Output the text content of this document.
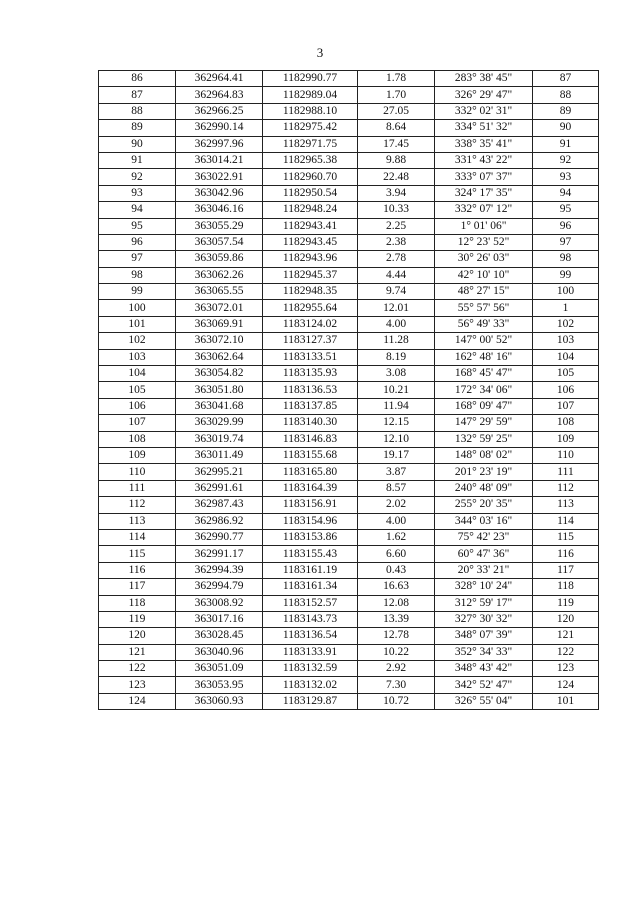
3
86	362964.41	1182990.77	1.78	283° 38' 45"	87
87	362964.83	1182989.04	1.70	326° 29' 47"	88
88	362966.25	1182988.10	27.05	332° 02' 31"	89
89	362990.14	1182975.42	8.64	334° 51' 32"	90
90	362997.96	1182971.75	17.45	338° 35' 41"	91
91	363014.21	1182965.38	9.88	331° 43' 22"	92
92	363022.91	1182960.70	22.48	333° 07' 37"	93
93	363042.96	1182950.54	3.94	324° 17' 35"	94
94	363046.16	1182948.24	10.33	332° 07' 12"	95
95	363055.29	1182943.41	2.25	1° 01' 06"	96
96	363057.54	1182943.45	2.38	12° 23' 52"	97
97	363059.86	1182943.96	2.78	30° 26' 03"	98
98	363062.26	1182945.37	4.44	42° 10' 10"	99
99	363065.55	1182948.35	9.74	48° 27' 15"	100
100	363072.01	1182955.64	12.01	55° 57' 56"	1
101	363069.91	1183124.02	4.00	56° 49' 33"	102
102	363072.10	1183127.37	11.28	147° 00' 52"	103
103	363062.64	1183133.51	8.19	162° 48' 16"	104
104	363054.82	1183135.93	3.08	168° 45' 47"	105
105	363051.80	1183136.53	10.21	172° 34' 06"	106
106	363041.68	1183137.85	11.94	168° 09' 47"	107
107	363029.99	1183140.30	12.15	147° 29' 59"	108
108	363019.74	1183146.83	12.10	132° 59' 25"	109
109	363011.49	1183155.68	19.17	148° 08' 02"	110
110	362995.21	1183165.80	3.87	201° 23' 19"	111
111	362991.61	1183164.39	8.57	240° 48' 09"	112
112	362987.43	1183156.91	2.02	255° 20' 35"	113
113	362986.92	1183154.96	4.00	344° 03' 16"	114
114	362990.77	1183153.86	1.62	75° 42' 23"	115
115	362991.17	1183155.43	6.60	60° 47' 36"	116
116	362994.39	1183161.19	0.43	20° 33' 21"	117
117	362994.79	1183161.34	16.63	328° 10' 24"	118
118	363008.92	1183152.57	12.08	312° 59' 17"	119
119	363017.16	1183143.73	13.39	327° 30' 32"	120
120	363028.45	1183136.54	12.78	348° 07' 39"	121
121	363040.96	1183133.91	10.22	352° 34' 33"	122
122	363051.09	1183132.59	2.92	348° 43' 42"	123
123	363053.95	1183132.02	7.30	342° 52' 47"	124
124	363060.93	1183129.87	10.72	326° 55' 04"	101
